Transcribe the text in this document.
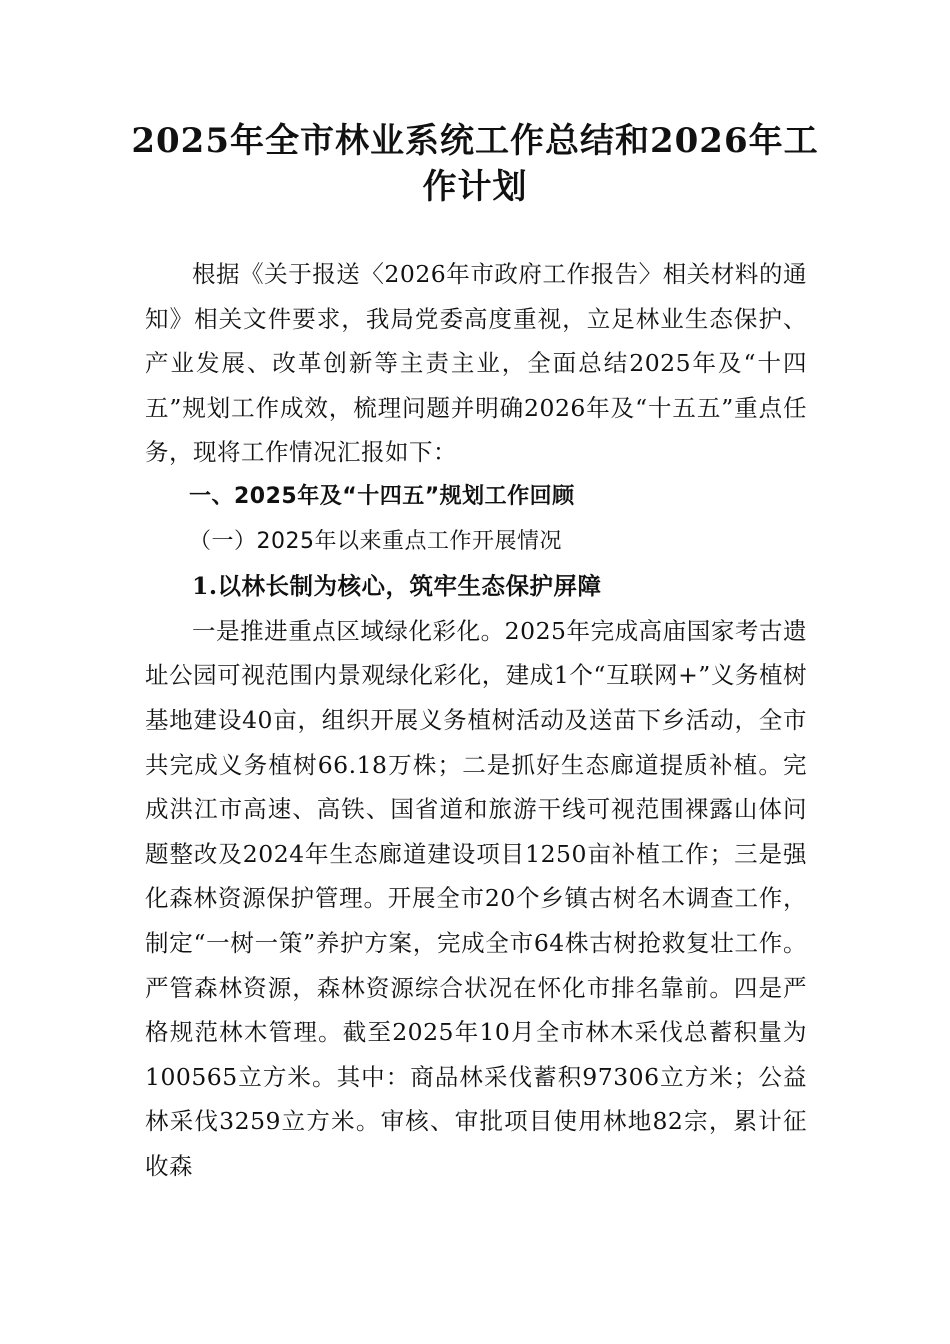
2025年全市林业系统工作总结和2026年工作计划

根据《关于报送〈2026年市政府工作报告〉相关材料的通知》相关文件要求，我局党委高度重视，立足林业生态保护、产业发展、改革创新等主责主业，全面总结2025年及“十四五”规划工作成效，梳理问题并明确2026年及“十五五”重点任务，现将工作情况汇报如下：

一、2025年及“十四五”规划工作回顾

（一）2025年以来重点工作开展情况

1.以林长制为核心，筑牢生态保护屏障

一是推进重点区域绿化彩化。2025年完成高庙国家考古遗址公园可视范围内景观绿化彩化，建成1个“互联网+”义务植树基地建设40亩，组织开展义务植树活动及送苗下乡活动，全市共完成义务植树66.18万株；二是抓好生态廊道提质补植。完成洪江市高速、高铁、国省道和旅游干线可视范围裸露山体问题整改及2024年生态廊道建设项目1250亩补植工作；三是强化森林资源保护管理。开展全市20个乡镇古树名木调查工作，制定“一树一策”养护方案，完成全市64株古树抢救复壮工作。严管森林资源，森林资源综合状况在怀化市排名靠前。四是严格规范林木管理。截至2025年10月全市林木采伐总蓄积量为100565立方米。其中：商品林采伐蓄积97306立方米；公益林采伐3259立方米。审核、审批项目使用林地82宗，累计征收森
